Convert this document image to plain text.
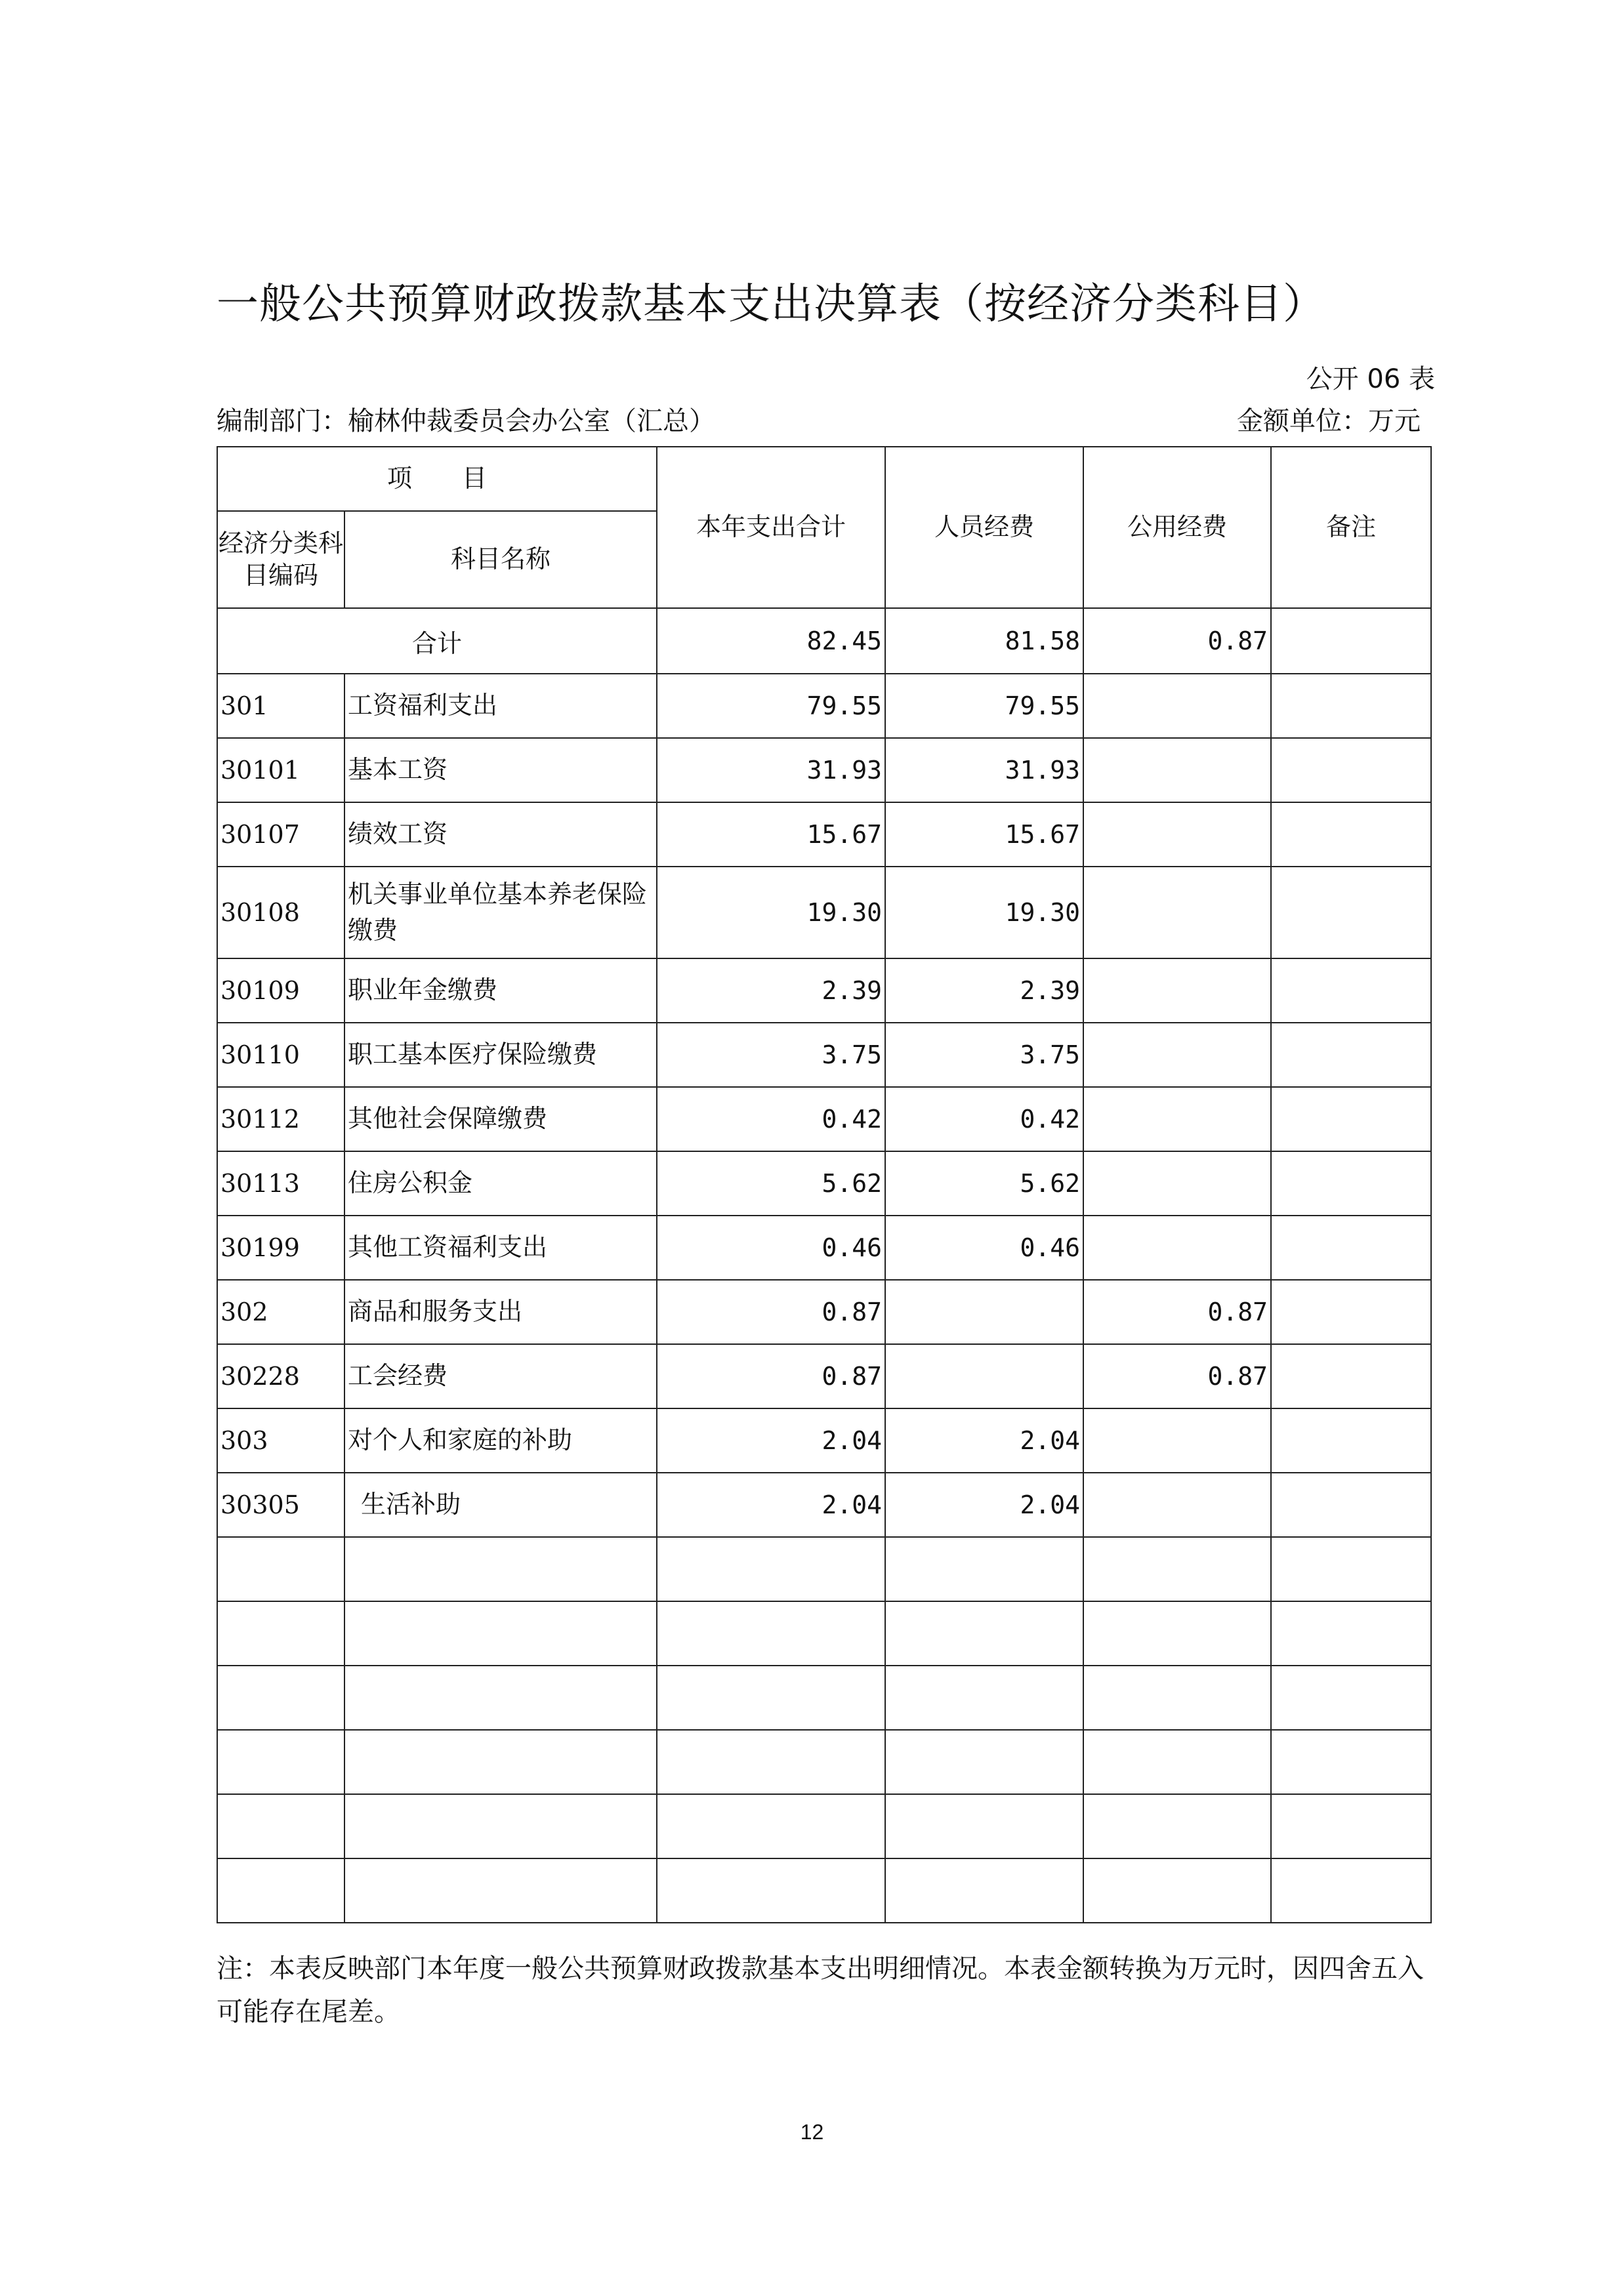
一般公共预算财政拨款基本支出决算表（按经济分类科目）
公开 06 表
编制部门：榆林仲裁委员会办公室（汇总）	金额单位：万元
项　　目		本年支出合计	人员经费	公用经费	备注
经济分类科目编码	科目名称				
合计		82.45	81.58	0.87	
301	工资福利支出	79.55	79.55		
30101	基本工资	31.93	31.93		
30107	绩效工资	15.67	15.67		
30108	机关事业单位基本养老保险缴费	19.30	19.30		
30109	职业年金缴费	2.39	2.39		
30110	职工基本医疗保险缴费	3.75	3.75		
30112	其他社会保障缴费	0.42	0.42		
30113	住房公积金	5.62	5.62		
30199	其他工资福利支出	0.46	0.46		
302	商品和服务支出	0.87		0.87	
30228	工会经费	0.87		0.87	
303	对个人和家庭的补助	2.04	2.04		
30305	生活补助	2.04	2.04		

注：本表反映部门本年度一般公共预算财政拨款基本支出明细情况。本表金额转换为万元时，因四舍五入可能存在尾差。
12
